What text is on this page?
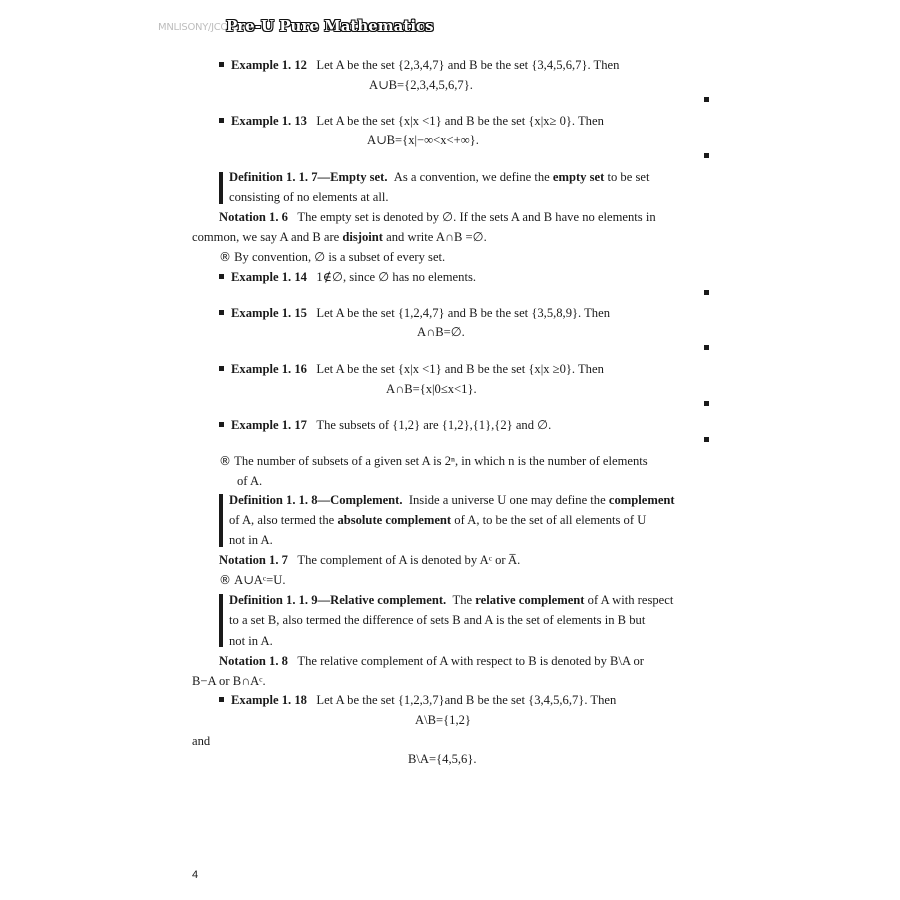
MNLISONY/JCOSST
Pre-U Pure Mathematics
Example 1. 12 Let A be the set {2,3,4,7} and B be the set {3,4,5,6,7}. Then
A∪B={2,3,4,5,6,7}.
Example 1. 13 Let A be the set {x|x <1} and B be the set {x|x≥ 0}. Then
A∪B={x|−∞<x<+∞}.
Definition 1. 1. 7—Empty set. As a convention, we define the empty set to be set
consisting of no elements at all.
Notation 1. 6 The empty set is denoted by ∅. If the sets A and B have no elements in
common, we say A and B are disjoint and write A∩B =∅.
® By convention, ∅ is a subset of every set.
Example 1. 14 1∉∅, since ∅ has no elements.
Example 1. 15 Let A be the set {1,2,4,7} and B be the set {3,5,8,9}. Then
A∩B=∅.
Example 1. 16 Let A be the set {x|x <1} and B be the set {x|x ≥0}. Then
A∩B={x|0≤x<1}.
Example 1. 17 The subsets of {1,2} are {1,2},{1},{2} and ∅.
® The number of subsets of a given set A is 2ⁿ, in which n is the number of elements
of A.
Definition 1. 1. 8—Complement. Inside a universe U one may define the complement
of A, also termed the absolute complement of A, to be the set of all elements of U
not in A.
Notation 1. 7 The complement of A is denoted by Aᶜ or A̅.
® A∪Aᶜ=U.
Definition 1. 1. 9—Relative complement. The relative complement of A with respect
to a set B, also termed the difference of sets B and A is the set of elements in B but
not in A.
Notation 1. 8 The relative complement of A with respect to B is denoted by B\A or
B−A or B∩Aᶜ.
Example 1. 18 Let A be the set {1,2,3,7}and B be the set {3,4,5,6,7}. Then
A\B={1,2}
and
B\A={4,5,6}.
4
